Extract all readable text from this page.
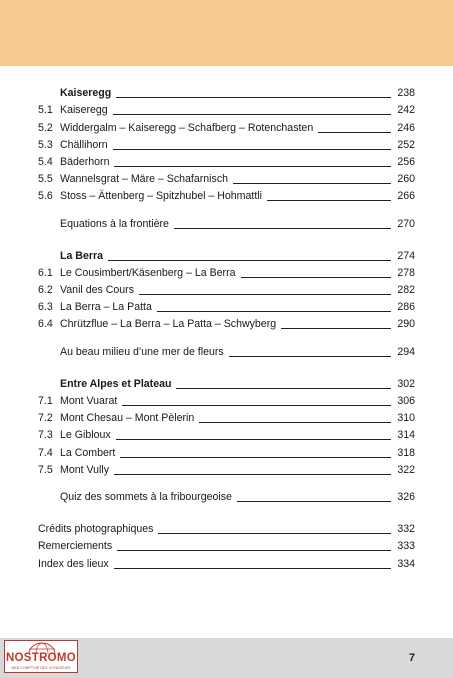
Kaiseregg	238
5.1 Kaiseregg	242
5.2 Widdergalm – Kaiseregg – Schafberg – Rotenchasten	246
5.3 Chällihorn	252
5.4 Bäderhorn	256
5.5 Wannelsgrat – Märe – Schafarnisch	260
5.6 Stoss – Ättenberg – Spitzhubel – Hohmattli	266
Equations à la frontière	270
La Berra	274
6.1 Le Cousimbert/Käsenberg – La Berra	278
6.2 Vanil des Cours	282
6.3 La Berra – La Patta	286
6.4 Chrützflue – La Berra – La Patta – Schwyberg	290
Au beau milieu d’une mer de fleurs	294
Entre Alpes et Plateau	302
7.1 Mont Vuarat	306
7.2 Mont Chesau – Mont Pèlerin	310
7.3 Le Gibloux	314
7.4 La Combert	318
7.5 Mont Vully	322
Quiz des sommets à la fribourgeoise	326
Crédits photographiques	332
Remerciements	333
Index des lieux	334
NOSTROMO
WEB COMPTOIR DES VOYAGEURS
7
